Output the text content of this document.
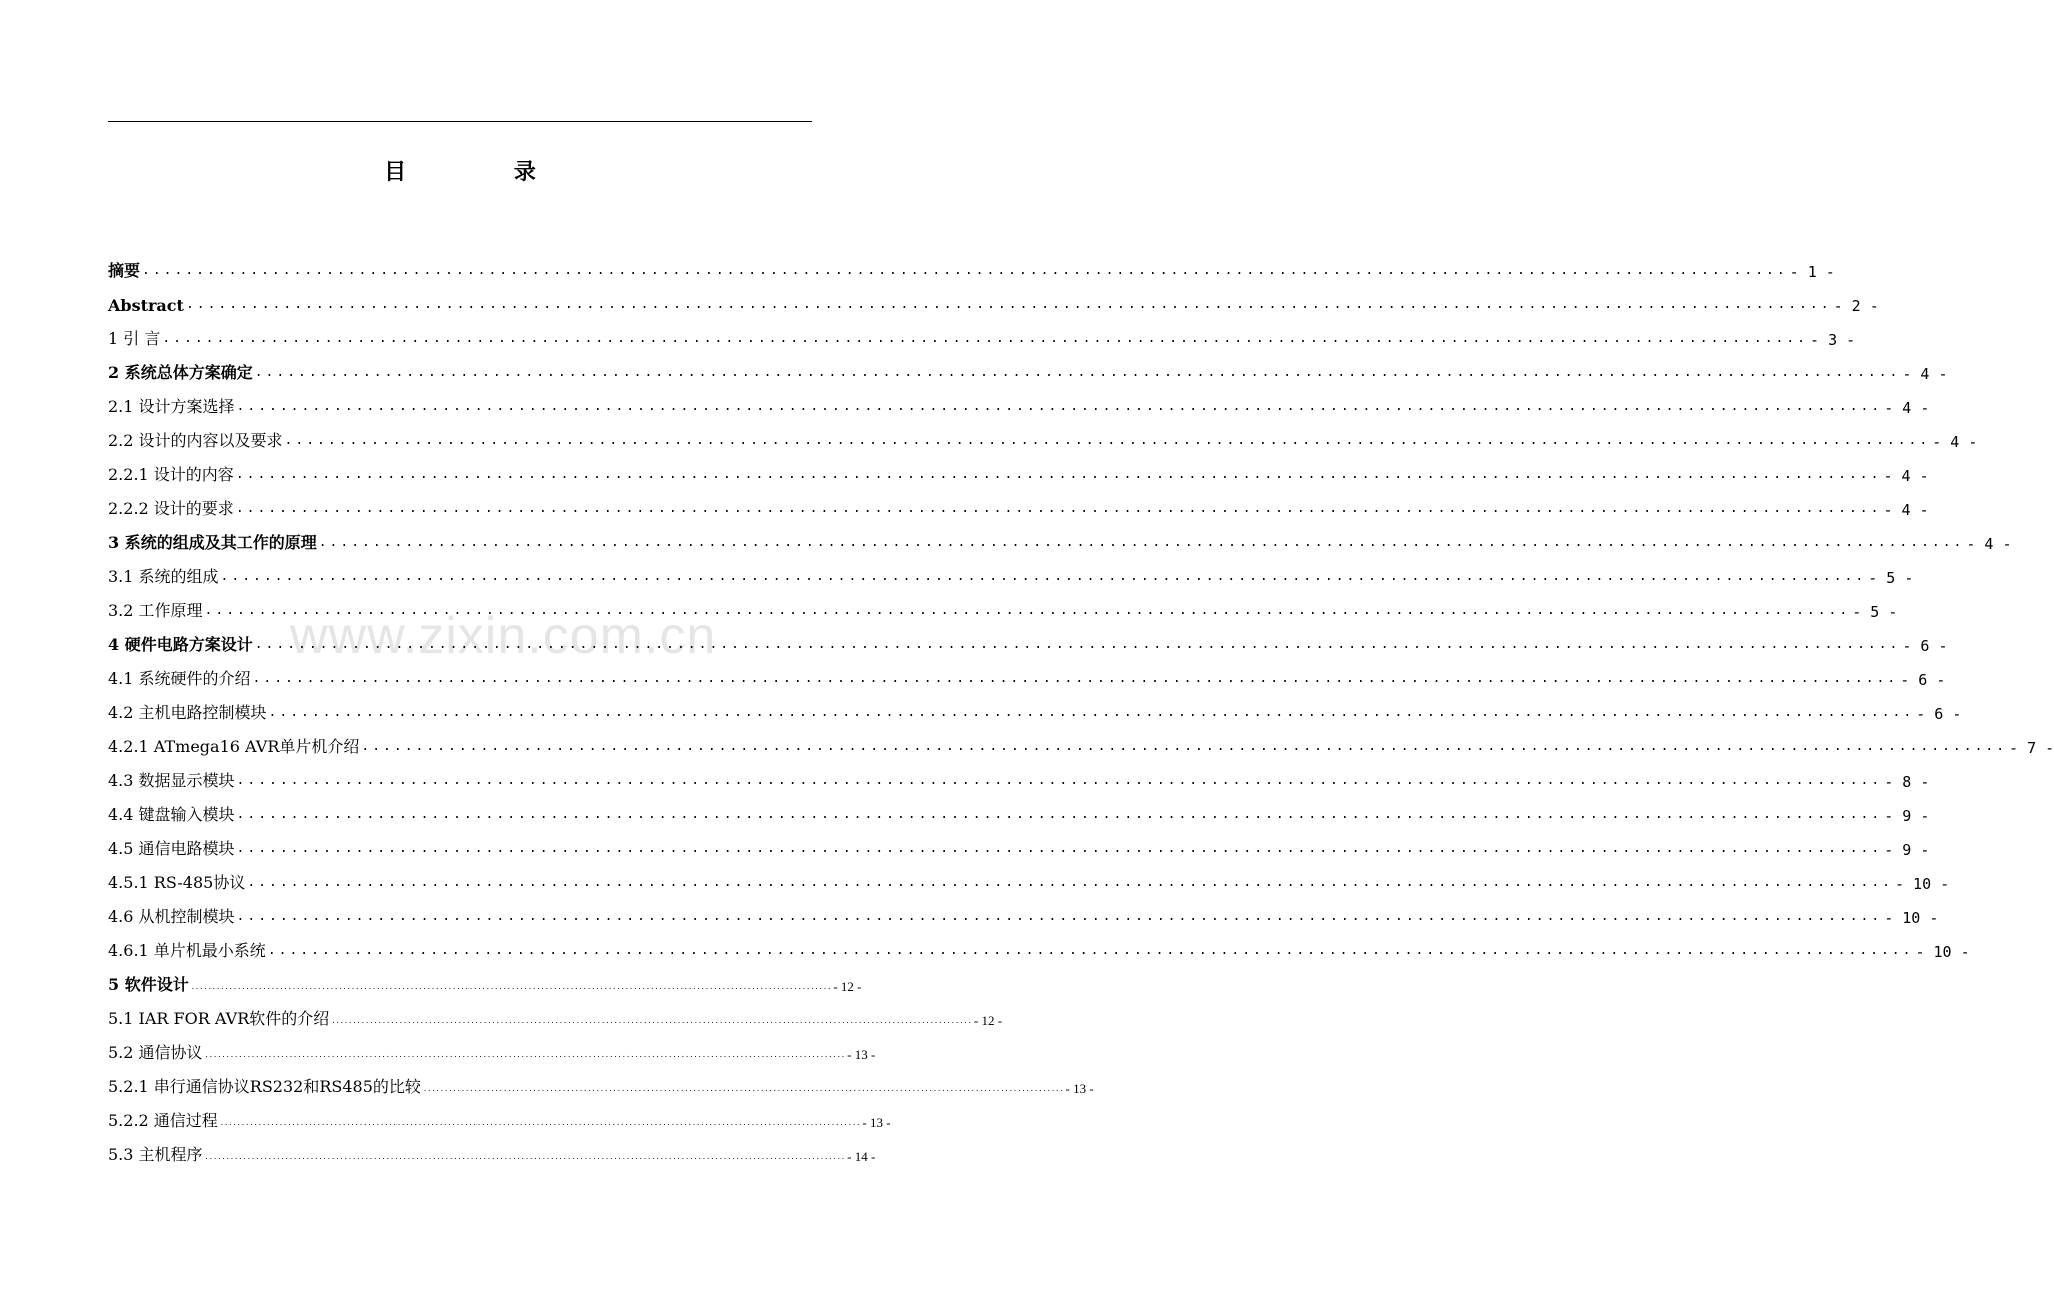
目 录
www.zixin.com.cn
摘要 ........................................................................................................................................................ - 1 -
Abstract ........................................................................................................................................................ - 2 -
1 引 言 ........................................................................................................................................................ - 3 -
2 系统总体方案确定 ........................................................................................................................................................ - 4 -
2.1 设计方案选择 ........................................................................................................................................................ - 4 -
2.2 设计的内容以及要求 ........................................................................................................................................................ - 4 -
2.2.1 设计的内容 ........................................................................................................................................................ - 4 -
2.2.2 设计的要求 ........................................................................................................................................................ - 4 -
3 系统的组成及其工作的原理 ........................................................................................................................................................ - 4 -
3.1 系统的组成 ........................................................................................................................................................ - 5 -
3.2 工作原理 ........................................................................................................................................................ - 5 -
4 硬件电路方案设计 ........................................................................................................................................................ - 6 -
4.1 系统硬件的介绍 ........................................................................................................................................................ - 6 -
4.2 主机电路控制模块 ........................................................................................................................................................ - 6 -
4.2.1 ATmega16 AVR单片机介绍 ........................................................................................................................................................ - 7 -
4.3 数据显示模块 ........................................................................................................................................................ - 8 -
4.4 键盘输入模块 ........................................................................................................................................................ - 9 -
4.5 通信电路模块 ........................................................................................................................................................ - 9 -
4.5.1 RS-485协议 ........................................................................................................................................................ - 10 -
4.6 从机控制模块 ........................................................................................................................................................ - 10 -
4.6.1 单片机最小系统 ........................................................................................................................................................ - 10 -
5 软件设计 ........................................................................................................................................................ - 12 -
5.1 IAR FOR AVR软件的介绍 ........................................................................................................................................................ - 12 -
5.2 通信协议 ........................................................................................................................................................ - 13 -
5.2.1 串行通信协议RS232和RS485的比较 ........................................................................................................................................................ - 13 -
5.2.2 通信过程 ........................................................................................................................................................ - 13 -
5.3 主机程序 ........................................................................................................................................................ - 14 -
